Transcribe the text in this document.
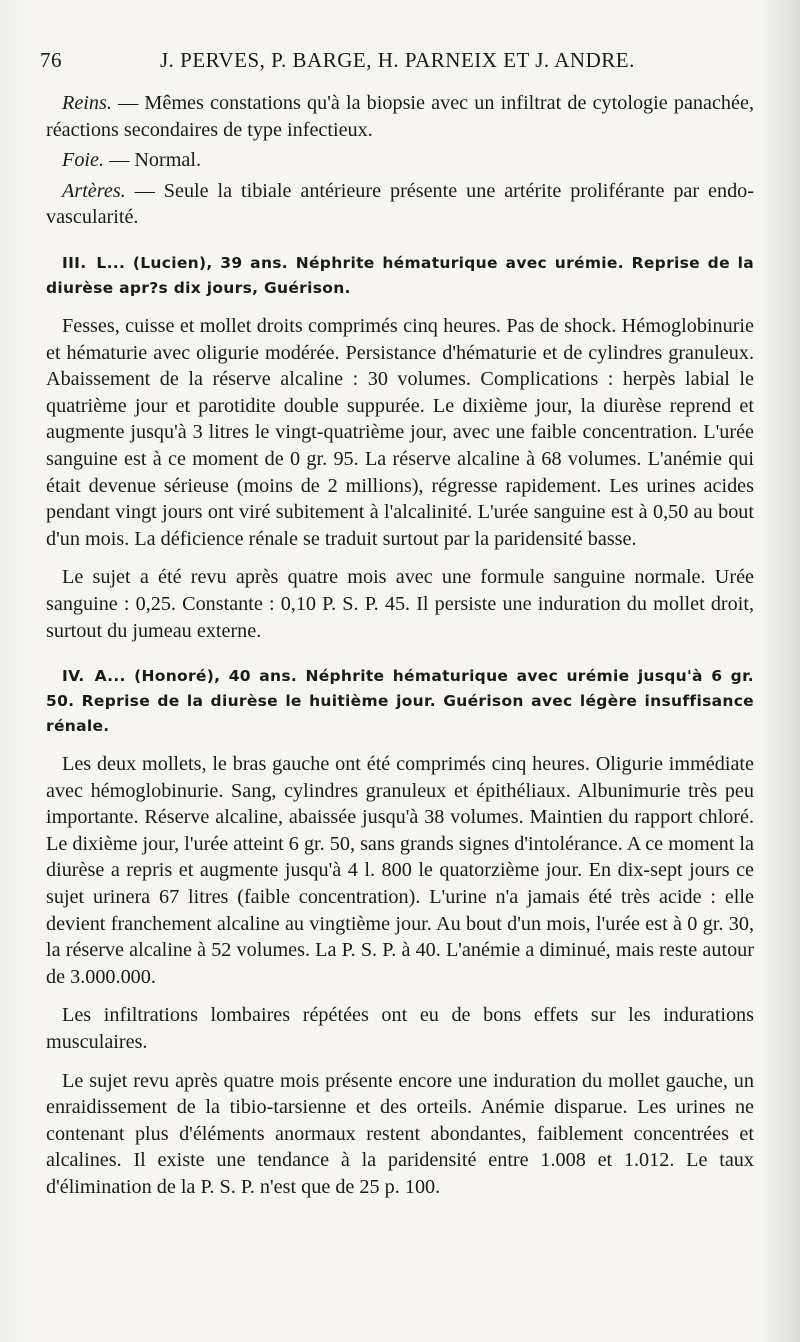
76	J. PERVES, P. BARGE, H. PARNEIX ET J. ANDRE.

Reins. — Mêmes constations qu'à la biopsie avec un infiltrat de cytologie panachée, réactions secondaires de type infectieux.

Foie. — Normal.

Artères. — Seule la tibiale antérieure présente une artérite proliférante par endo-vascularité.

III. L... (Lucien), 39 ans. Néphrite hématurique avec urémie. Reprise de la diurèse apr?s dix jours, Guérison.

Fesses, cuisse et mollet droits comprimés cinq heures. Pas de shock. Hémoglobinurie et hématurie avec oligurie modérée. Persistance d'hématurie et de cylindres granuleux. Abaissement de la réserve alcaline : 30 volumes. Complications : herpès labial le quatrième jour et parotidite double suppurée. Le dixième jour, la diurèse reprend et augmente jusqu'à 3 litres le vingt-quatrième jour, avec une faible concentration. L'urée sanguine est à ce moment de 0 gr. 95. La réserve alcaline à 68 volumes. L'anémie qui était devenue sérieuse (moins de 2 millions), régresse rapidement. Les urines acides pendant vingt jours ont viré subitement à l'alcalinité. L'urée sanguine est à 0,50 au bout d'un mois. La déficience rénale se traduit surtout par la paridensité basse.

Le sujet a été revu après quatre mois avec une formule sanguine normale. Urée sanguine : 0,25. Constante : 0,10 P. S. P. 45. Il persiste une induration du mollet droit, surtout du jumeau externe.

IV. A... (Honoré), 40 ans. Néphrite hématurique avec urémie jusqu'à 6 gr. 50. Reprise de la diurèse le huitième jour. Guérison avec légère insuffisance rénale.

Les deux mollets, le bras gauche ont été comprimés cinq heures. Oligurie immédiate avec hémoglobinurie. Sang, cylindres granuleux et épithéliaux. Albunimurie très peu importante. Réserve alcaline, abaissée jusqu'à 38 volumes. Maintien du rapport chloré. Le dixième jour, l'urée atteint 6 gr. 50, sans grands signes d'intolérance. A ce moment la diurèse a repris et augmente jusqu'à 4 l. 800 le quatorzième jour. En dix-sept jours ce sujet urinera 67 litres (faible concentration). L'urine n'a jamais été très acide : elle devient franchement alcaline au vingtième jour. Au bout d'un mois, l'urée est à 0 gr. 30, la réserve alcaline à 52 volumes. La P. S. P. à 40. L'anémie a diminué, mais reste autour de 3.000.000.

Les infiltrations lombaires répétées ont eu de bons effets sur les indurations musculaires.

Le sujet revu après quatre mois présente encore une induration du mollet gauche, un enraidissement de la tibio-tarsienne et des orteils. Anémie disparue. Les urines ne contenant plus d'éléments anormaux restent abondantes, faiblement concentrées et alcalines. Il existe une tendance à la paridensité entre 1.008 et 1.012. Le taux d'élimination de la P. S. P. n'est que de 25 p. 100.
